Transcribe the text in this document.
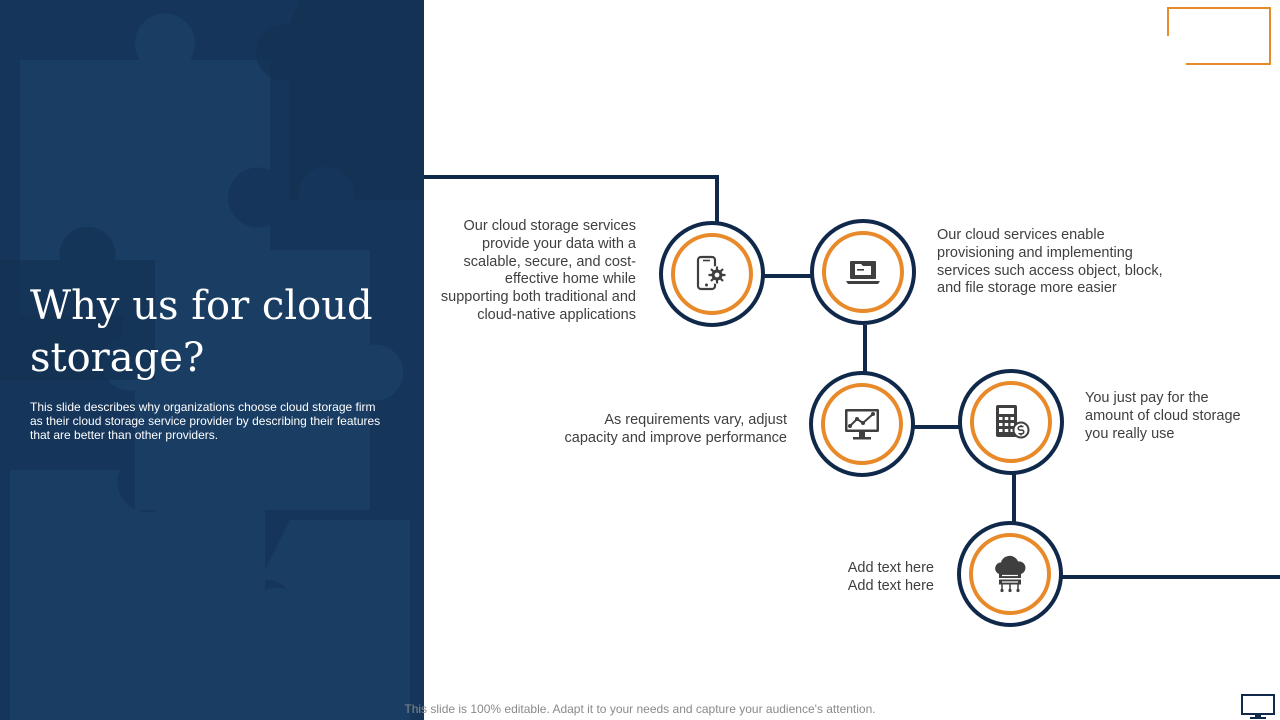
Why us for cloud storage?

This slide describes why organizations choose cloud storage firm as their cloud storage service provider by describing their features that are better than other providers.

Our cloud storage services provide your data with a scalable, secure, and cost-effective home while supporting both traditional and cloud-native applications
Our cloud services enable provisioning and implementing services such access object, block, and file storage more easier
As requirements vary, adjust capacity and improve performance
You just pay for the amount of cloud storage you really use
Add text here Add text here
This slide is 100% editable. Adapt it to your needs and capture your audience's attention.
